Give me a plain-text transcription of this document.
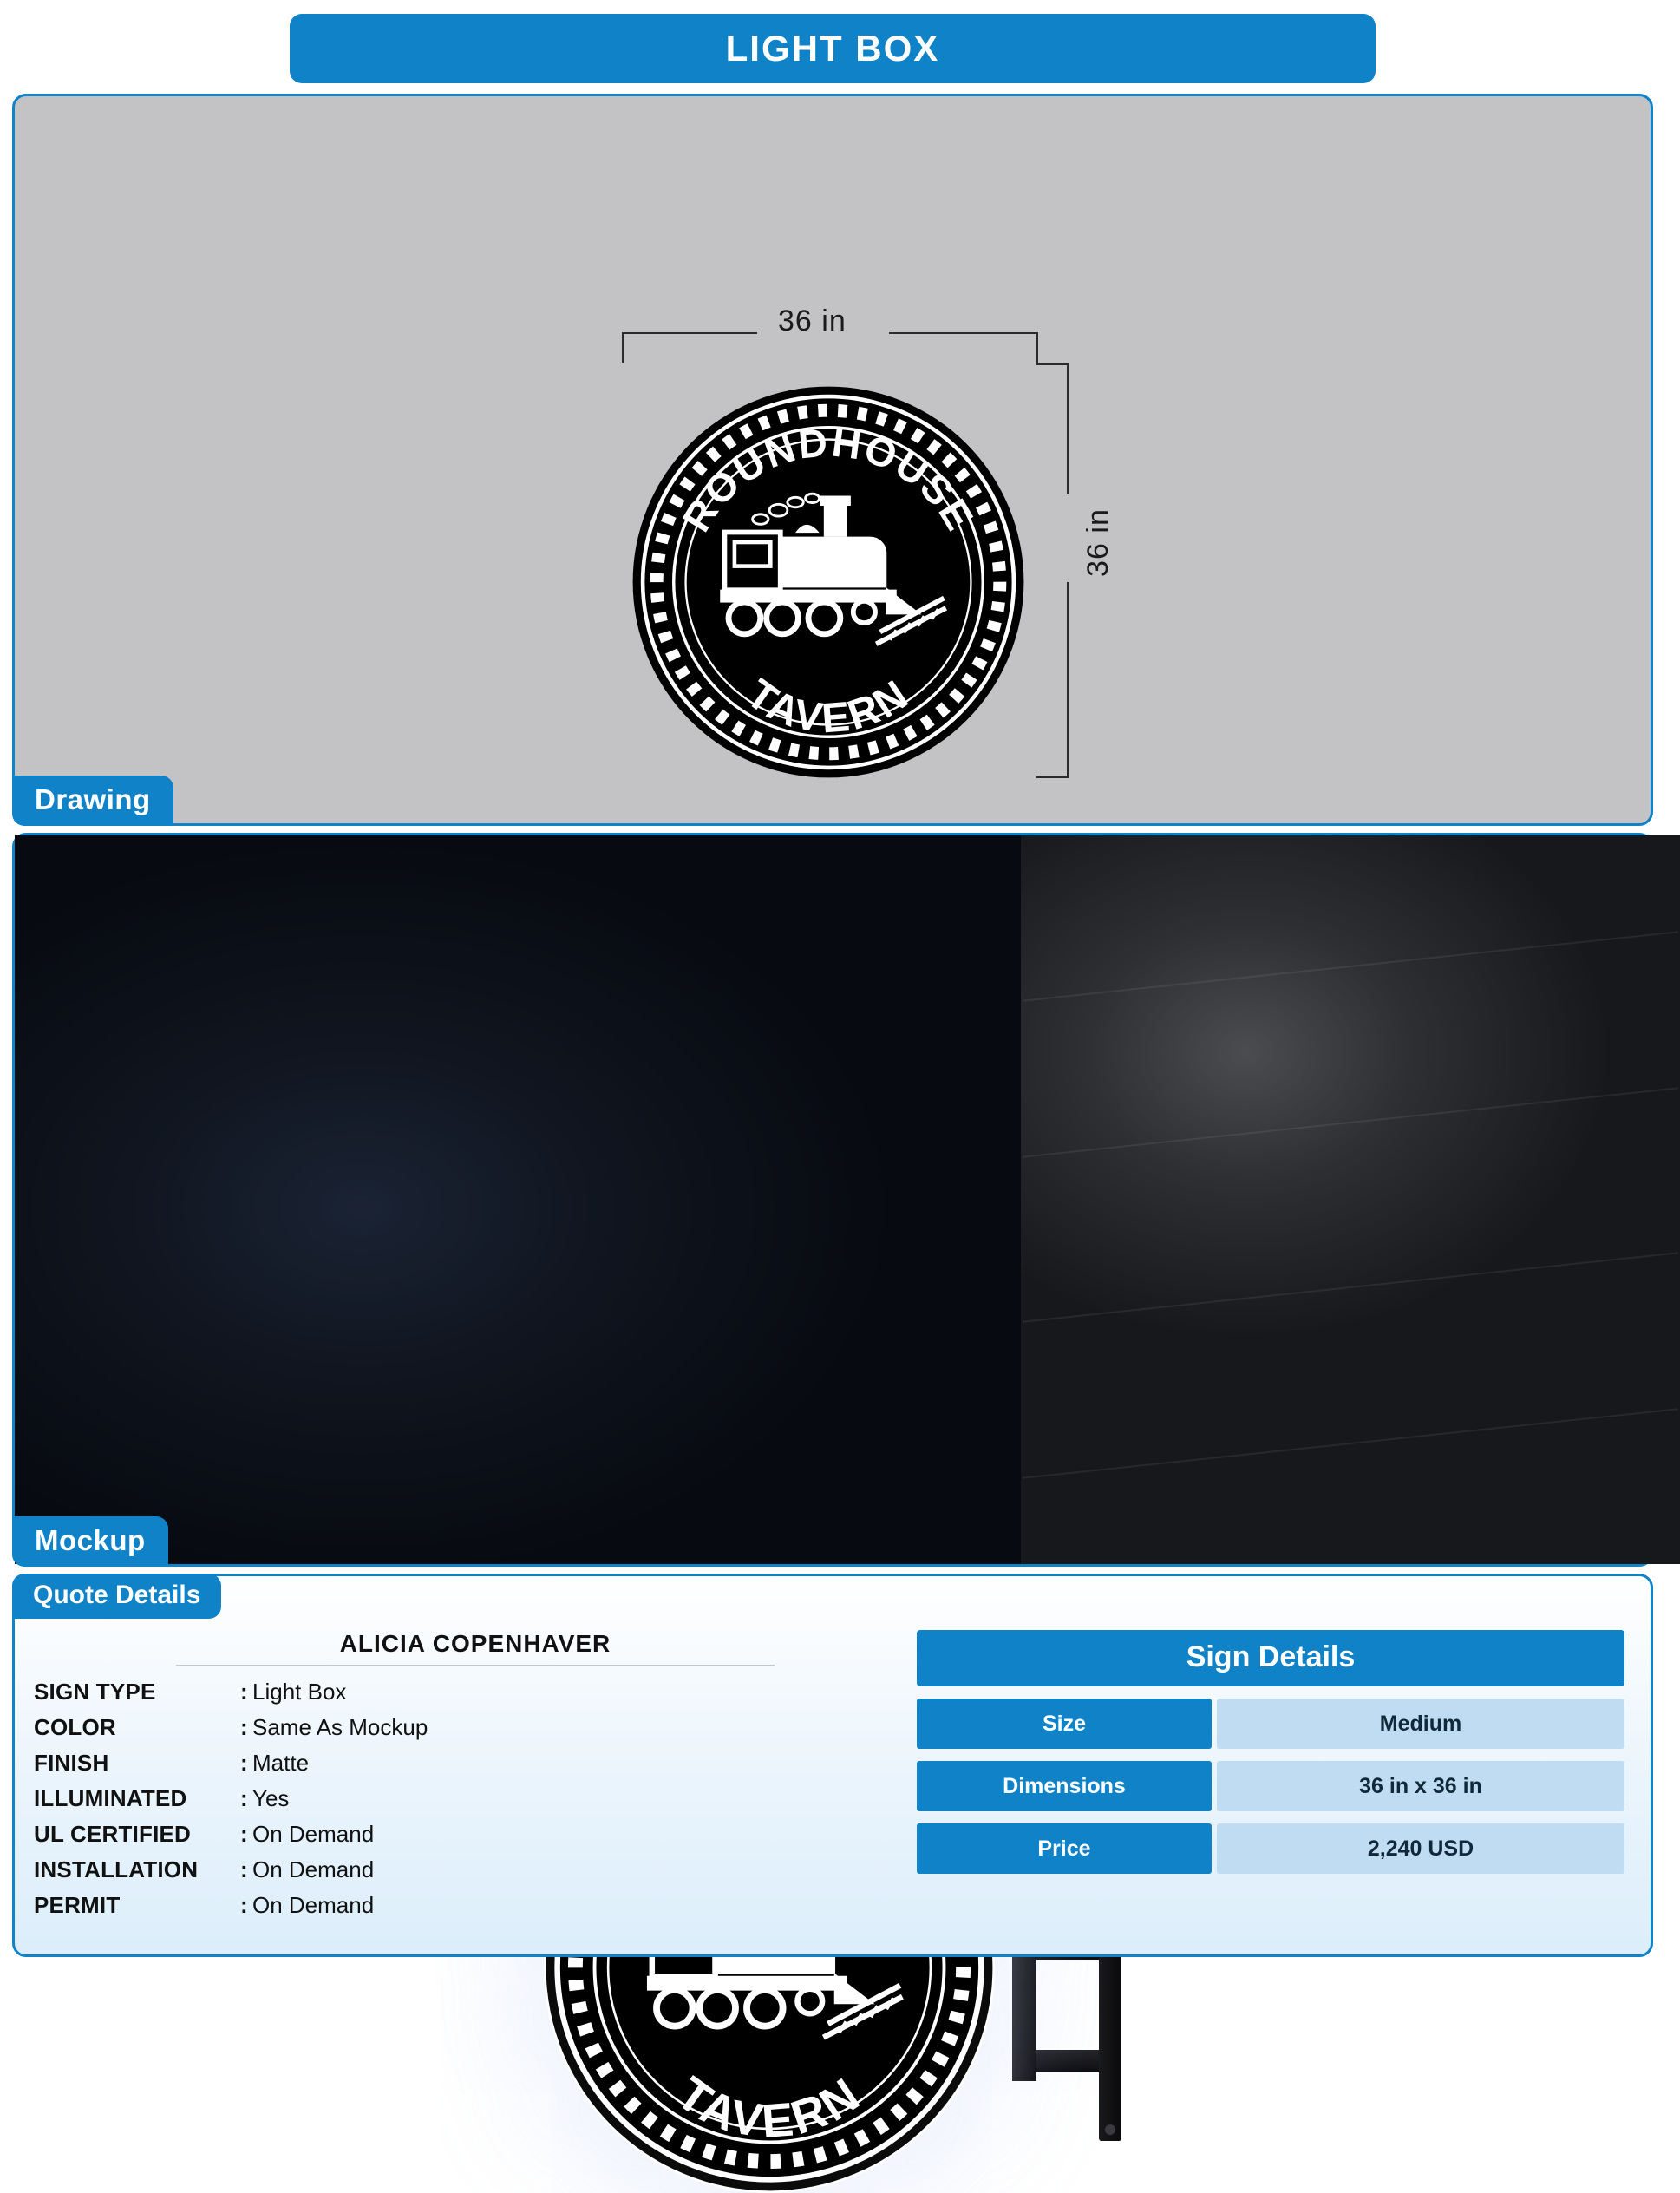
LIGHT BOX
36 in
36 in
ROUNDHOUSE
TAVERN
Drawing
TAVERN
Mockup
Quote Details
ALICIA COPENHAVER
SIGN TYPE	: Light Box
COLOR	: Same As Mockup
FINISH	: Matte
ILLUMINATED	: Yes
UL CERTIFIED	: On Demand
INSTALLATION	: On Demand
PERMIT	: On Demand
Sign Details
Size	Medium
Dimensions	36 in x 36 in
Price	2,240 USD
